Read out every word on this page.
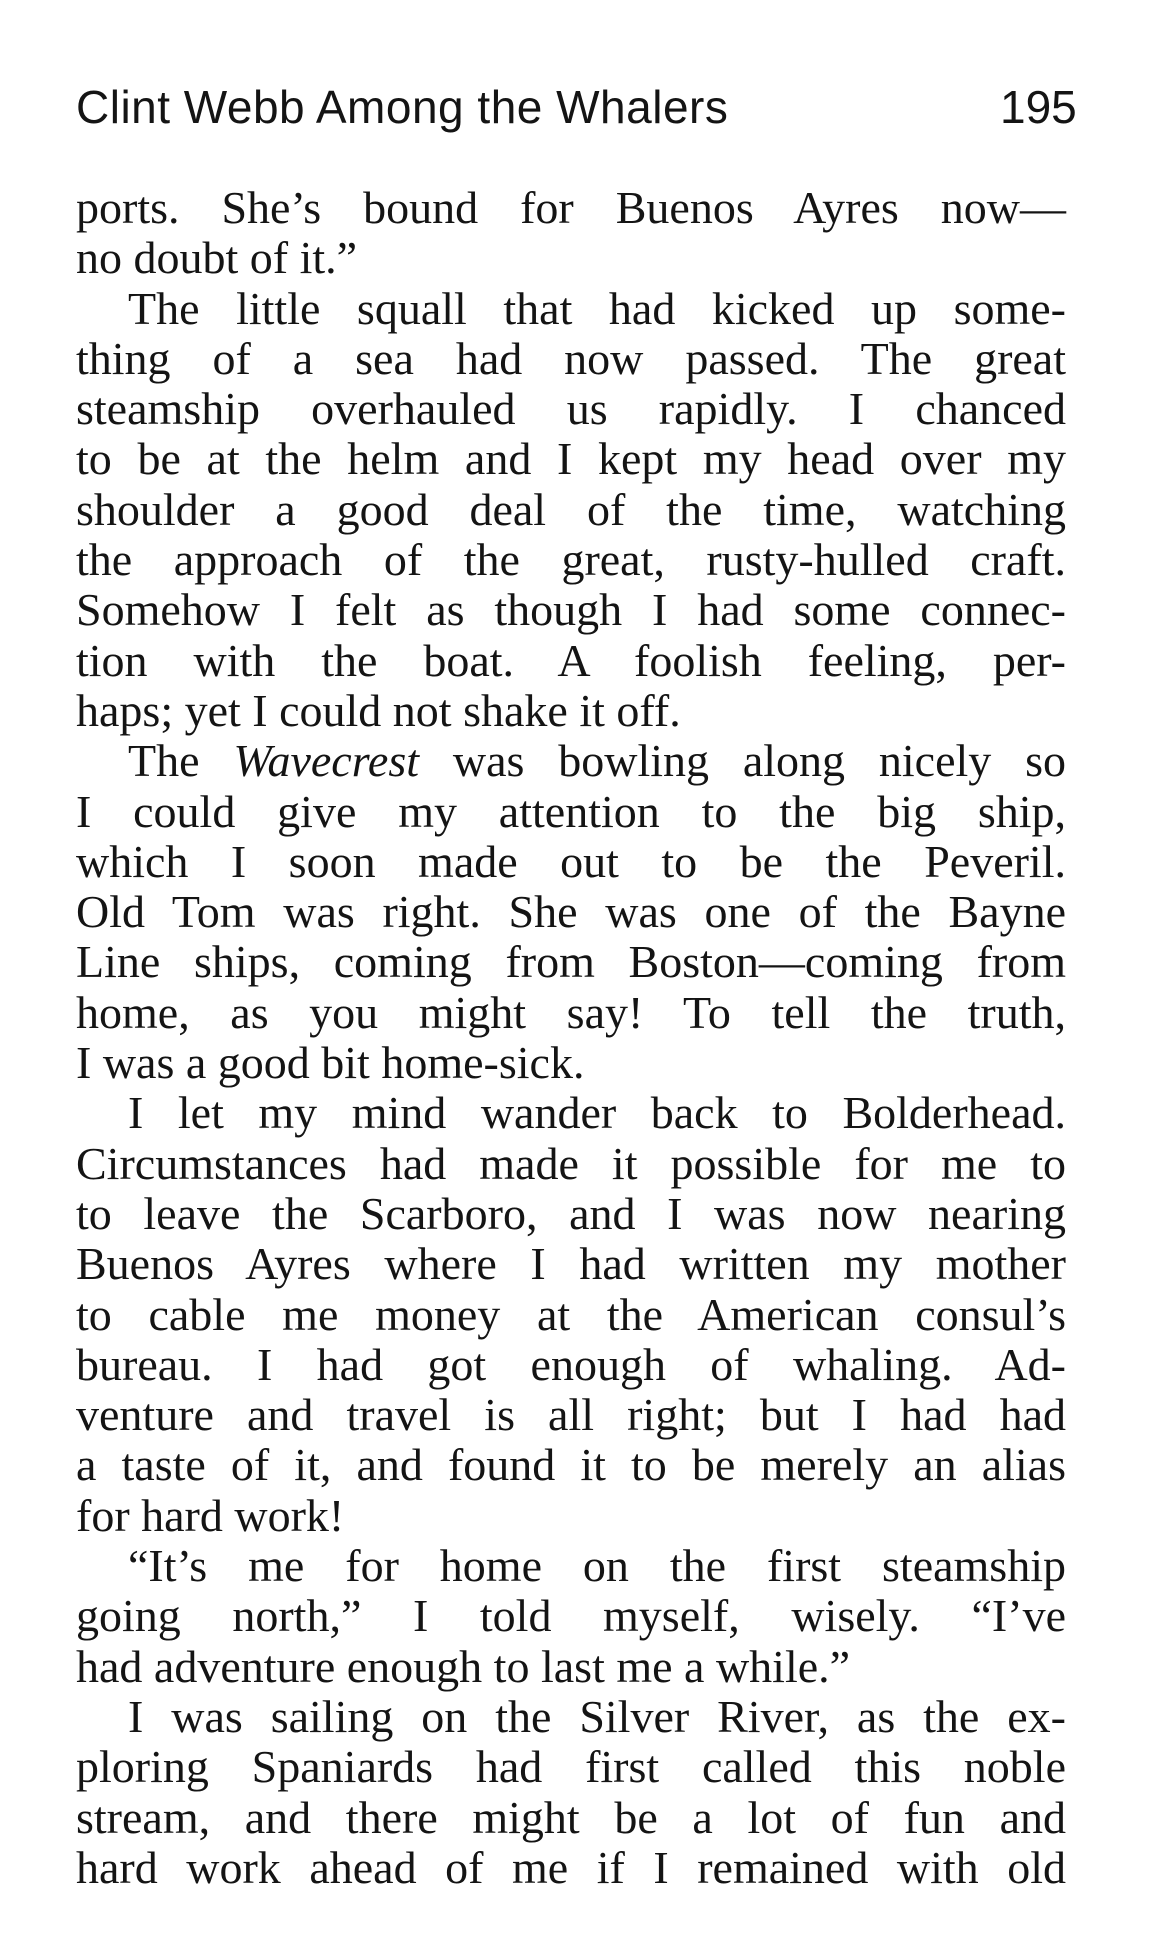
Clint Webb Among the Whalers	195
ports. She’s bound for Buenos Ayres now—
no doubt of it.”
The little squall that had kicked up some-
thing of a sea had now passed. The great
steamship overhauled us rapidly. I chanced
to be at the helm and I kept my head over my
shoulder a good deal of the time, watching
the approach of the great, rusty-hulled craft.
Somehow I felt as though I had some connec-
tion with the boat. A foolish feeling, per-
haps; yet I could not shake it off.
The Wavecrest was bowling along nicely so
I could give my attention to the big ship,
which I soon made out to be the Peveril.
Old Tom was right. She was one of the Bayne
Line ships, coming from Boston—coming from
home, as you might say! To tell the truth,
I was a good bit home-sick.
I let my mind wander back to Bolderhead.
Circumstances had made it possible for me to
to leave the Scarboro, and I was now nearing
Buenos Ayres where I had written my mother
to cable me money at the American consul’s
bureau. I had got enough of whaling. Ad-
venture and travel is all right; but I had had
a taste of it, and found it to be merely an alias
for hard work!
“It’s me for home on the first steamship
going north,” I told myself, wisely. “I’ve
had adventure enough to last me a while.”
I was sailing on the Silver River, as the ex-
ploring Spaniards had first called this noble
stream, and there might be a lot of fun and
hard work ahead of me if I remained with old
